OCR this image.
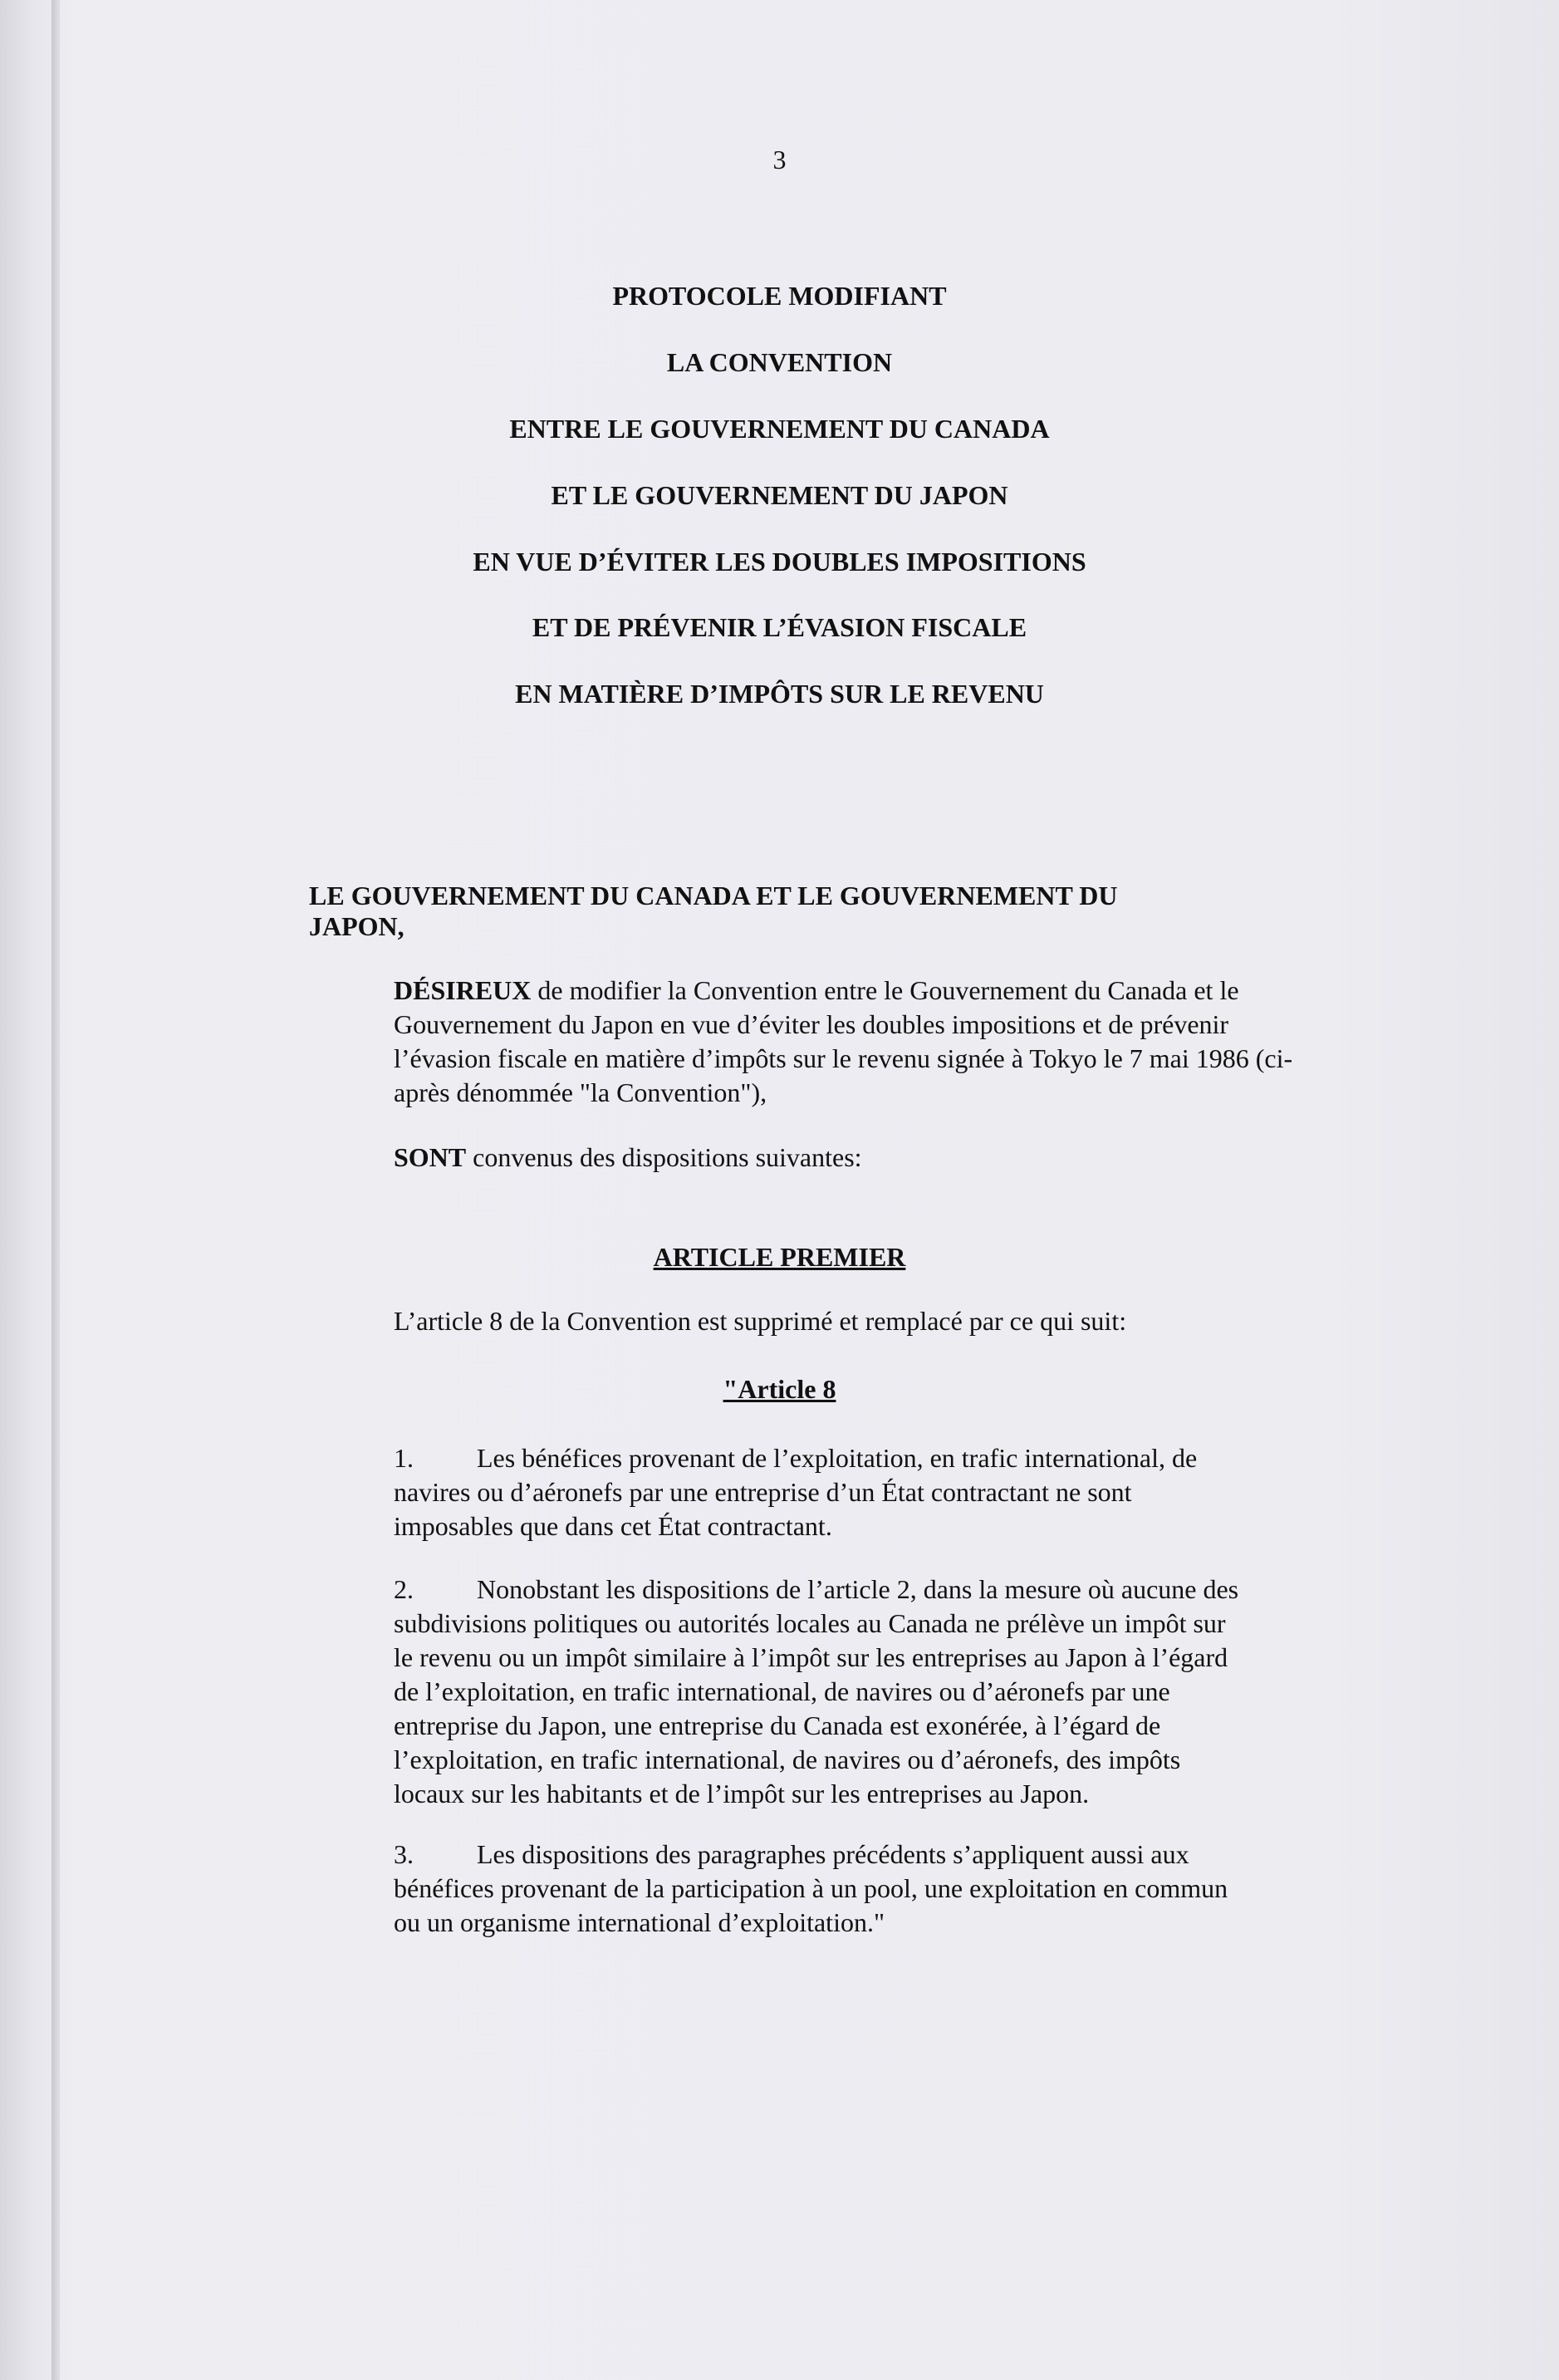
3

PROTOCOLE MODIFIANT

LA CONVENTION

ENTRE LE GOUVERNEMENT DU CANADA

ET LE GOUVERNEMENT DU JAPON

EN VUE D’ÉVITER LES DOUBLES IMPOSITIONS

ET DE PRÉVENIR L’ÉVASION FISCALE

EN MATIÈRE D’IMPÔTS SUR LE REVENU

LE GOUVERNEMENT DU CANADA ET LE GOUVERNEMENT DU

JAPON,

DÉSIREUX de modifier la Convention entre le Gouvernement du Canada et le
Gouvernement du Japon en vue d’éviter les doubles impositions et de prévenir
l’évasion fiscale en matière d’impôts sur le revenu signée à Tokyo le 7 mai 1986 (ci-
après dénommée "la Convention"),

SONT convenus des dispositions suivantes:

ARTICLE PREMIER

L’article 8 de la Convention est supprimé et remplacé par ce qui suit:

"Article 8

1. Les bénéfices provenant de l’exploitation, en trafic international, de
navires ou d’aéronefs par une entreprise d’un État contractant ne sont
imposables que dans cet État contractant.
2. Nonobstant les dispositions de l’article 2, dans la mesure où aucune des
subdivisions politiques ou autorités locales au Canada ne prélève un impôt sur
le revenu ou un impôt similaire à l’impôt sur les entreprises au Japon à l’égard
de l’exploitation, en trafic international, de navires ou d’aéronefs par une
entreprise du Japon, une entreprise du Canada est exonérée, à l’égard de
l’exploitation, en trafic international, de navires ou d’aéronefs, des impôts
locaux sur les habitants et de l’impôt sur les entreprises au Japon.
3. Les dispositions des paragraphes précédents s’appliquent aussi aux
bénéfices provenant de la participation à un pool, une exploitation en commun
ou un organisme international d’exploitation."
